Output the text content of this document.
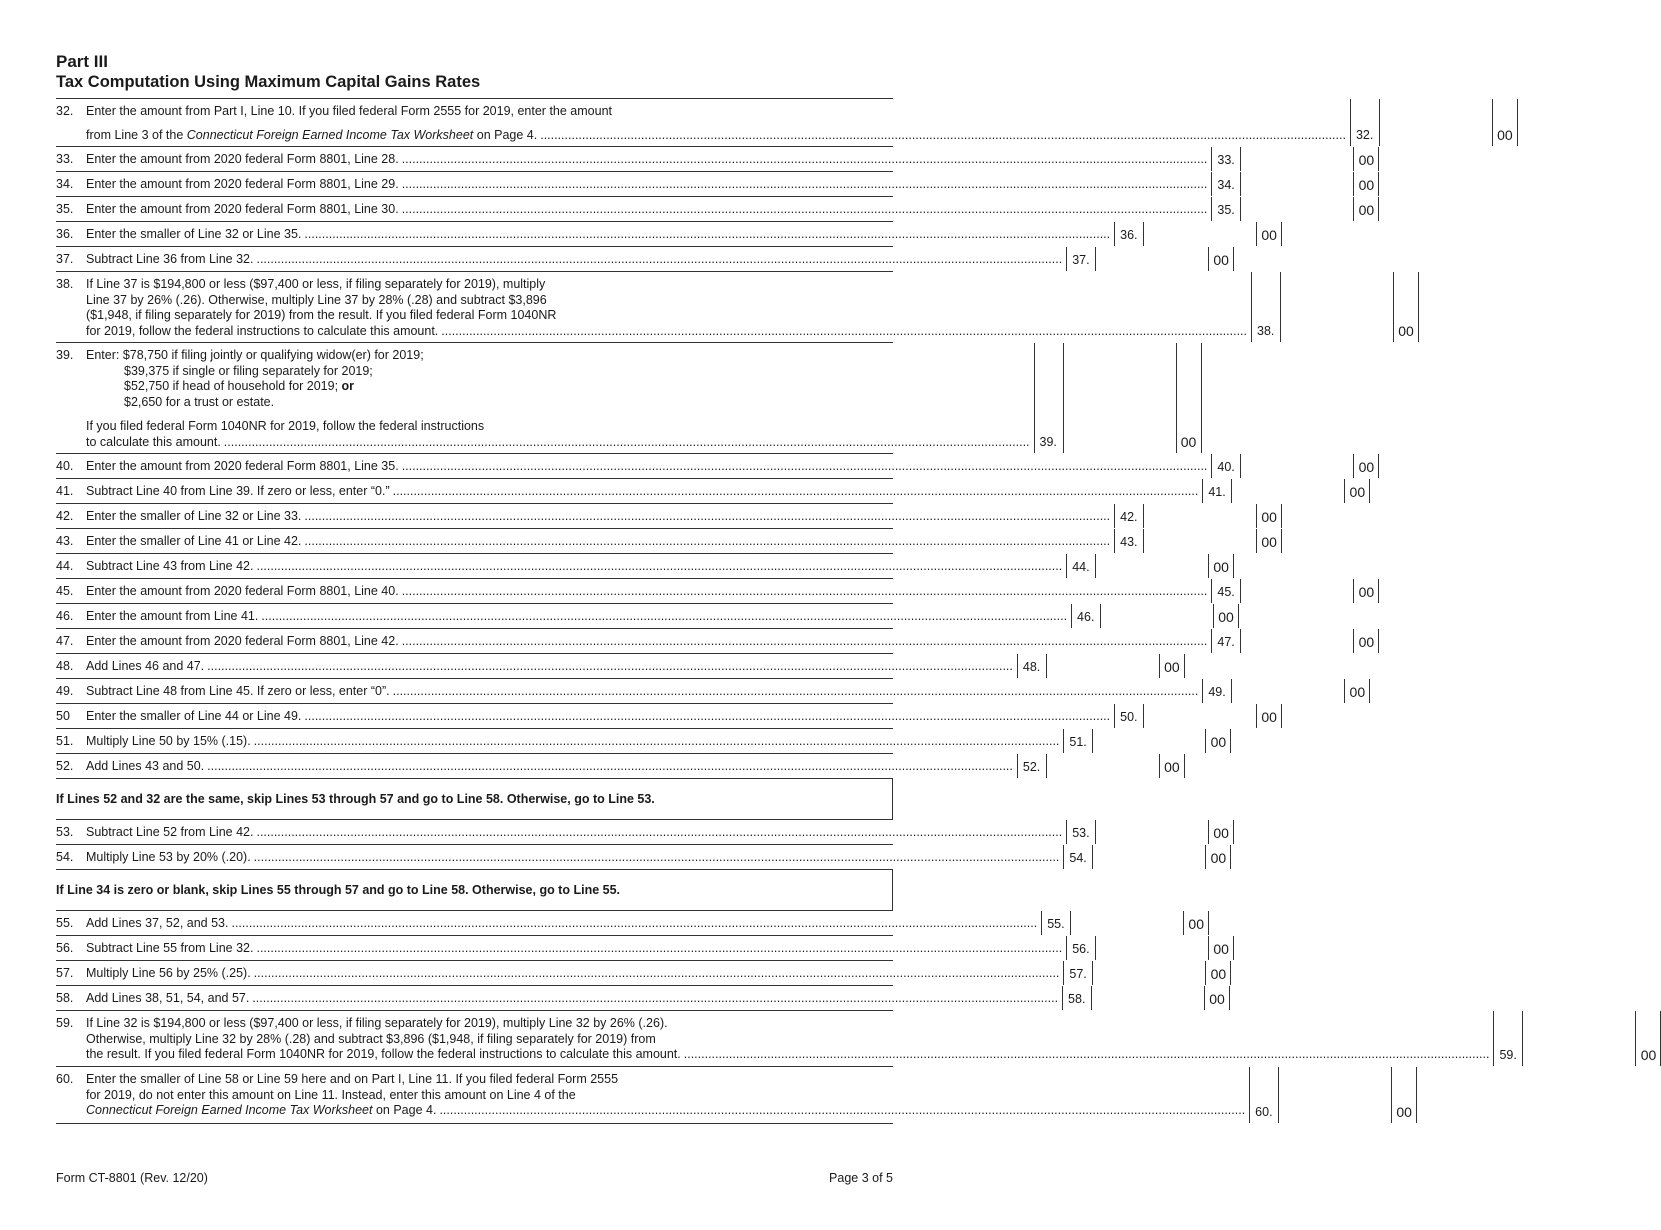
Part III
Tax Computation Using Maximum Capital Gains Rates
32.	Enter the amount from Part I, Line 10. If you filed federal Form 2555 for 2019, enter the amount
from Line 3 of the Connecticut Foreign Earned Income Tax Worksheet on Page 4. .....	32.	00
33.	Enter the amount from 2020 federal Form 8801, Line 28. .....	33.	00
34.	Enter the amount from 2020 federal Form 8801, Line 29. .....	34.	00
35.	Enter the amount from 2020 federal Form 8801, Line 30. .....	35.	00
36.	Enter the smaller of Line 32 or Line 35. .....	36.	00
37.	Subtract Line 36 from Line 32. .....	37.	00
38.	If Line 37 is $194,800 or less ($97,400 or less, if filing separately for 2019), multiply
Line 37 by 26% (.26). Otherwise, multiply Line 37 by 28% (.28) and subtract $3,896
($1,948, if filing separately for 2019) from the result. If you filed federal Form 1040NR
for 2019, follow the federal instructions to calculate this amount. .....	38.	00
39.	Enter: $78,750 if filing jointly or qualifying widow(er) for 2019;
$39,375 if single or filing separately for 2019;
$52,750 if head of household for 2019; or
$2,650 for a trust or estate.
If you filed federal Form 1040NR for 2019, follow the federal instructions
to calculate this amount. .....	39.	00
40.	Enter the amount from 2020 federal Form 8801, Line 35. .....	40.	00
41.	Subtract Line 40 from Line 39. If zero or less, enter “0.” .....	41.	00
42.	Enter the smaller of Line 32 or Line 33. .....	42.	00
43.	Enter the smaller of Line 41 or Line 42. .....	43.	00
44.	Subtract Line 43 from Line 42. .....	44.	00
45.	Enter the amount from 2020 federal Form 8801, Line 40. .....	45.	00
46.	Enter the amount from Line 41. .....	46.	00
47.	Enter the amount from 2020 federal Form 8801, Line 42. .....	47.	00
48.	Add Lines 46 and 47. .....	48.	00
49.	Subtract Line 48 from Line 45. If zero or less, enter “0”. .....	49.	00
50	Enter the smaller of Line 44 or Line 49. .....	50.	00
51.	Multiply Line 50 by 15% (.15). .....	51.	00
52.	Add Lines 43 and 50. .....	52.	00
If Lines 52 and 32 are the same, skip Lines 53 through 57 and go to Line 58. Otherwise, go to Line 53.
53.	Subtract Line 52 from Line 42. .....	53.	00
54.	Multiply Line 53 by 20% (.20). .....	54.	00
If Line 34 is zero or blank, skip Lines 55 through 57 and go to Line 58. Otherwise, go to Line 55.
55.	Add Lines 37, 52, and 53. .....	55.	00
56.	Subtract Line 55 from Line 32. .....	56.	00
57.	Multiply Line 56 by 25% (.25). .....	57.	00
58.	Add Lines 38, 51, 54, and 57. .....	58.	00
59.	If Line 32 is $194,800 or less ($97,400 or less, if filing separately for 2019), multiply Line 32 by 26% (.26).
Otherwise, multiply Line 32 by 28% (.28) and subtract $3,896 ($1,948, if filing separately for 2019) from
the result. If you filed federal Form 1040NR for 2019, follow the federal instructions to calculate this amount. .....	59.	00
60.	Enter the smaller of Line 58 or Line 59 here and on Part I, Line 11. If you filed federal Form 2555
for 2019, do not enter this amount on Line 11. Instead, enter this amount on Line 4 of the
Connecticut Foreign Earned Income Tax Worksheet on Page 4. .....	60.	00
Form CT-8801 (Rev. 12/20)	Page 3 of 5
